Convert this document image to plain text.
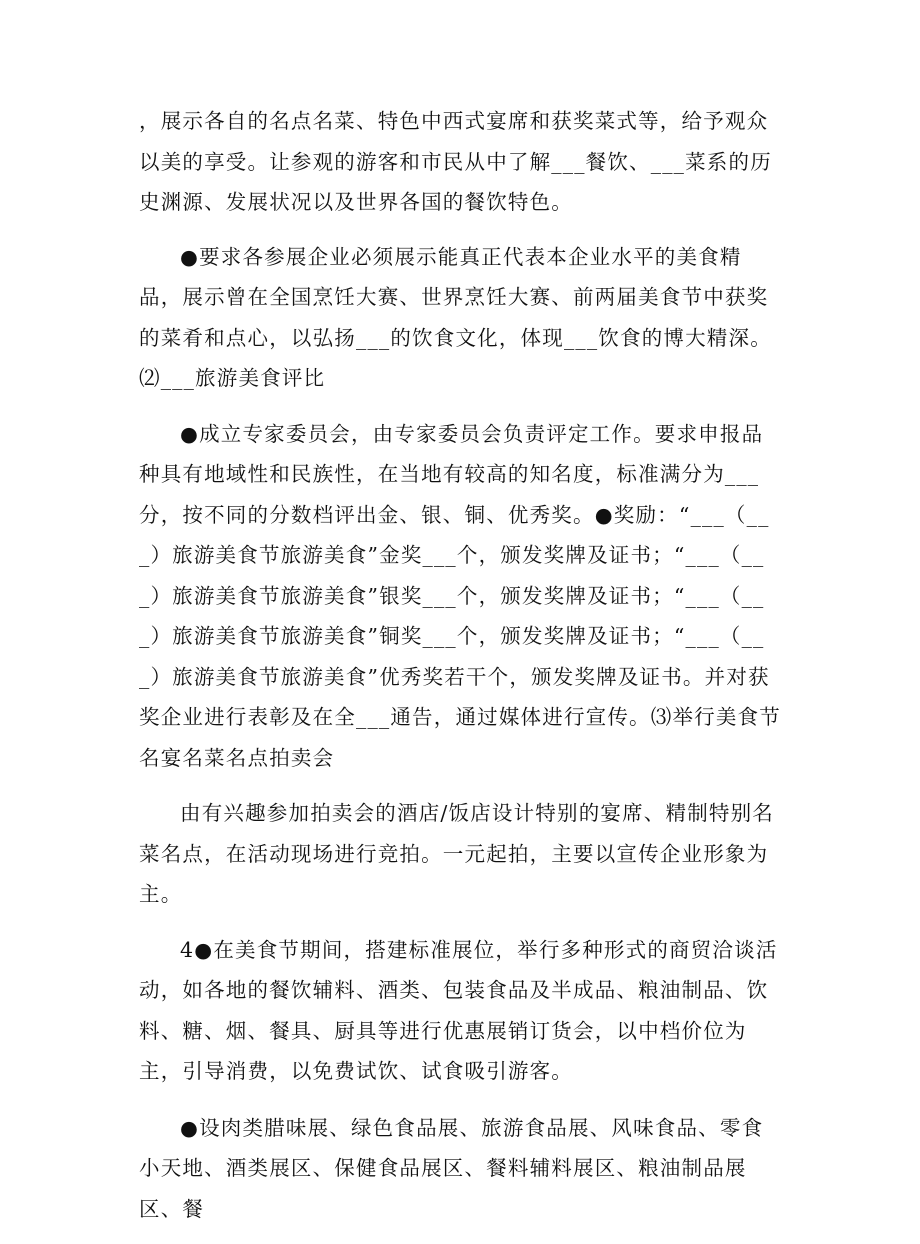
，展示各自的名点名菜、特色中西式宴席和获奖菜式等，给予观众以美的享受。让参观的游客和市民从中了解___餐饮、___菜系的历史渊源、发展状况以及世界各国的餐饮特色。

●要求各参展企业必须展示能真正代表本企业水平的美食精品，展示曾在全国烹饪大赛、世界烹饪大赛、前两届美食节中获奖的菜肴和点心，以弘扬___的饮食文化，体现___饮食的博大精深。⑵___旅游美食评比

●成立专家委员会，由专家委员会负责评定工作。要求申报品种具有地域性和民族性，在当地有较高的知名度，标准满分为___分，按不同的分数档评出金、银、铜、优秀奖。●奖励：“___（___）旅游美食节旅游美食”金奖___个，颁发奖牌及证书；“___（___）旅游美食节旅游美食”银奖___个，颁发奖牌及证书；“___（___）旅游美食节旅游美食”铜奖___个，颁发奖牌及证书；“___（___）旅游美食节旅游美食”优秀奖若干个，颁发奖牌及证书。并对获奖企业进行表彰及在全___通告，通过媒体进行宣传。⑶举行美食节名宴名菜名点拍卖会

由有兴趣参加拍卖会的酒店/饭店设计特别的宴席、精制特别名菜名点，在活动现场进行竞拍。一元起拍，主要以宣传企业形象为主。

4●在美食节期间，搭建标准展位，举行多种形式的商贸洽谈活动，如各地的餐饮辅料、酒类、包装食品及半成品、粮油制品、饮料、糖、烟、餐具、厨具等进行优惠展销订货会，以中档价位为主，引导消费，以免费试饮、试食吸引游客。

●设肉类腊味展、绿色食品展、旅游食品展、风味食品、零食小天地、酒类展区、保健食品展区、餐料辅料展区、粮油制品展区、餐
